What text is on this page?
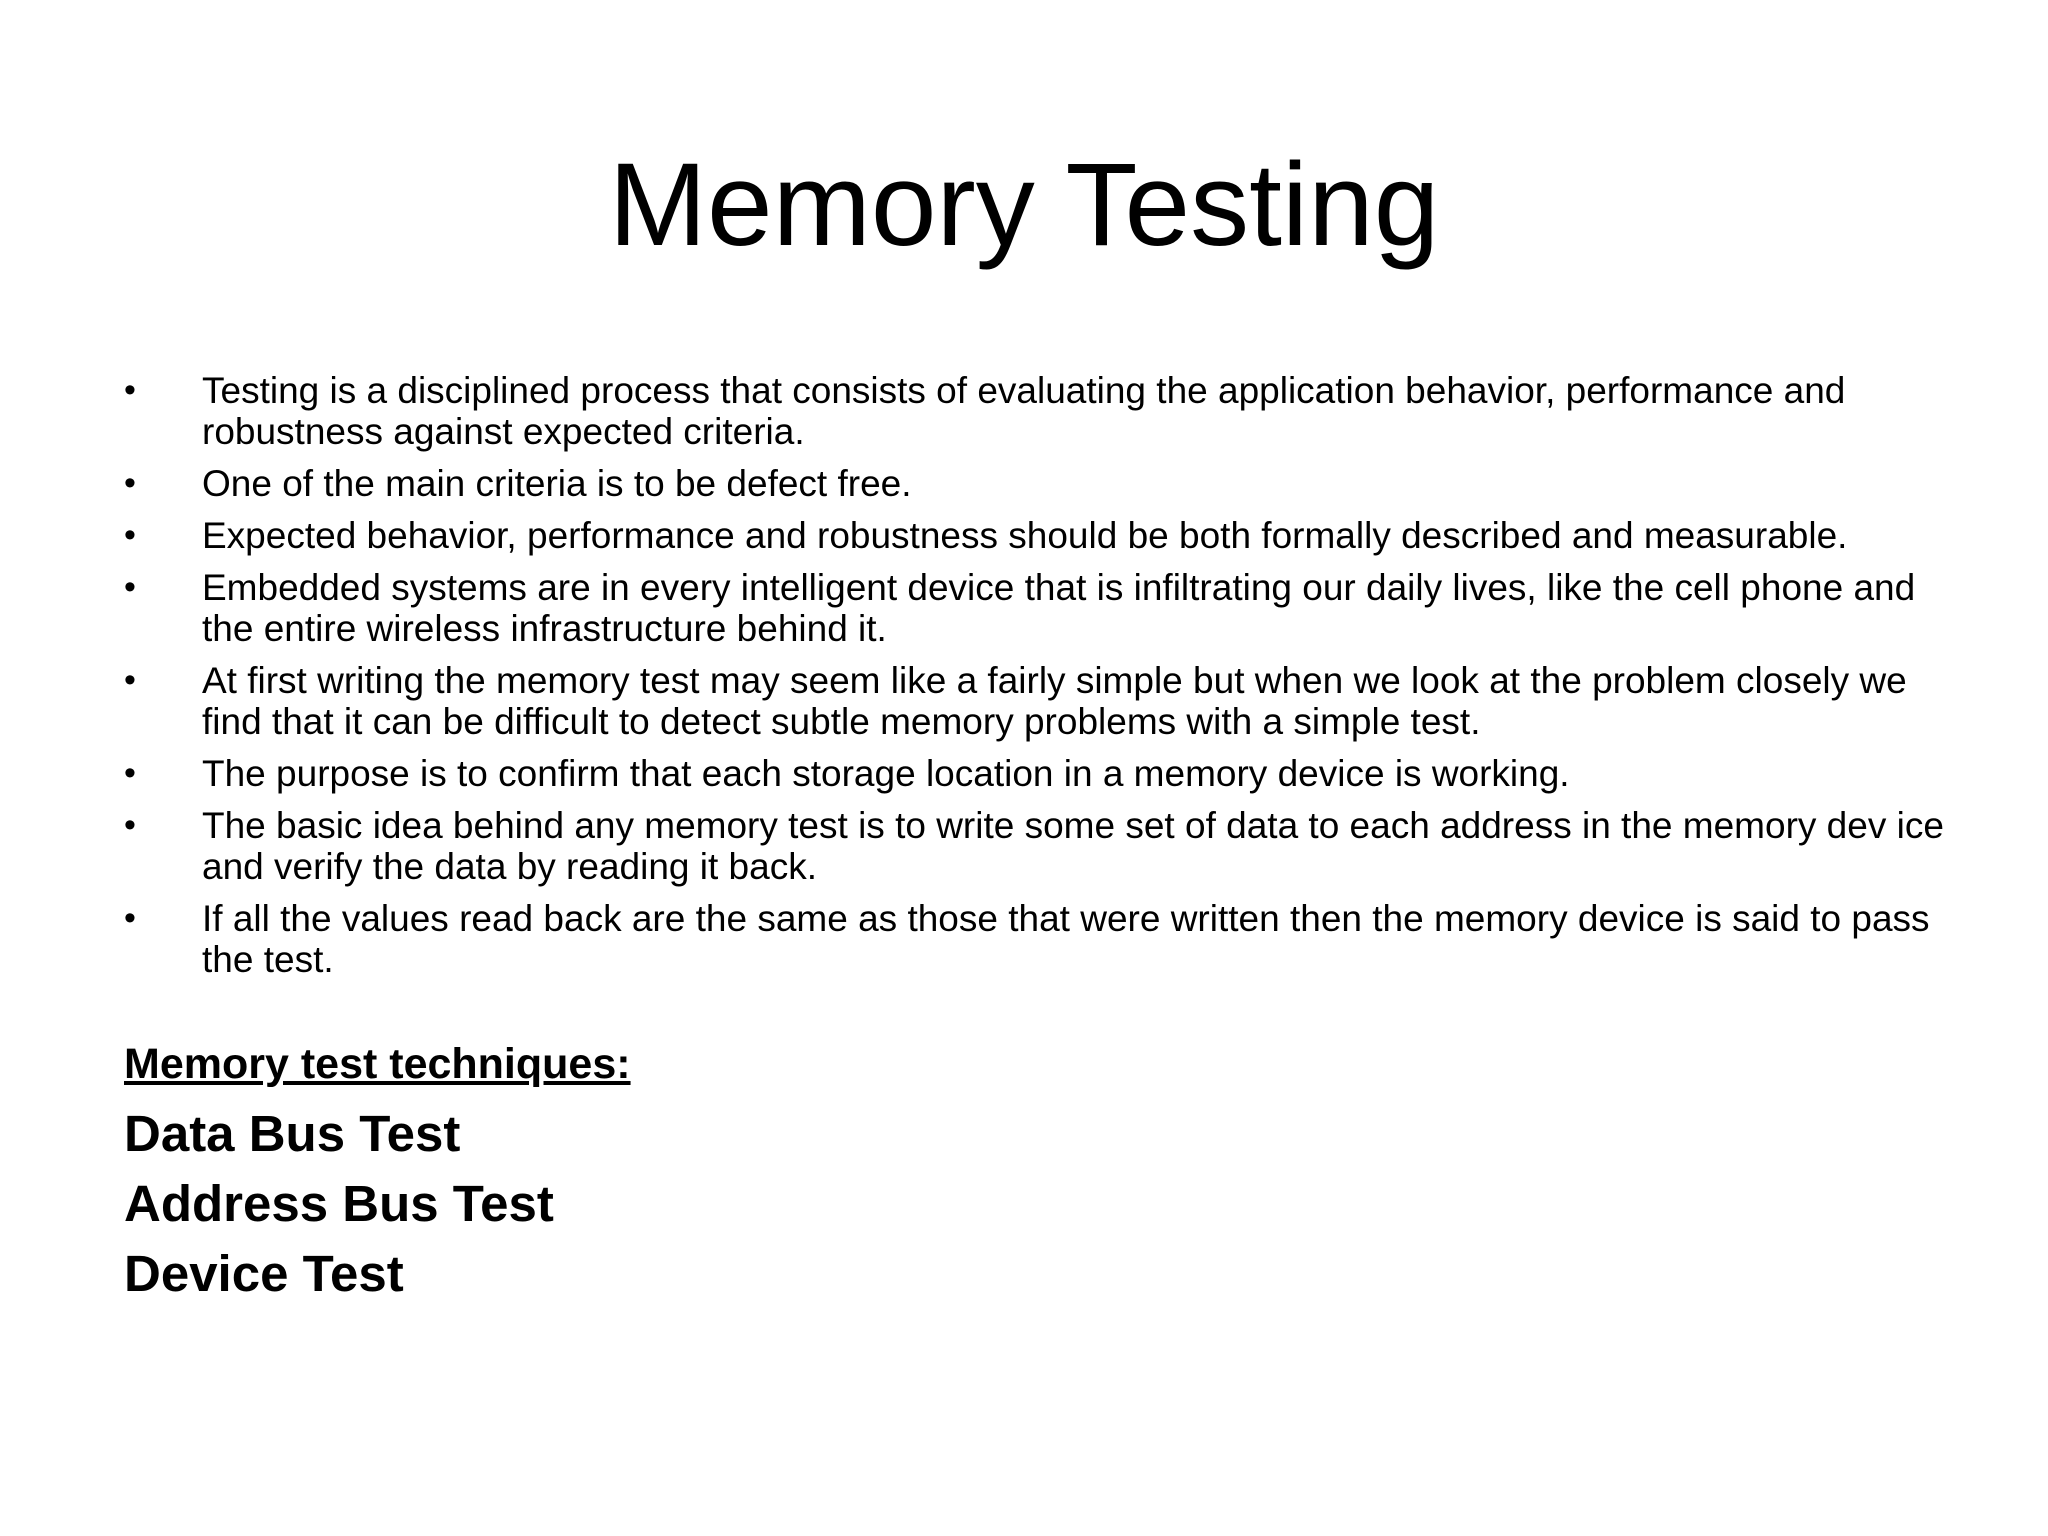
Memory Testing
• Testing is a disciplined process that consists of evaluating the application behavior, performance and robustness against expected criteria.
• One of the main criteria is to be defect free.
• Expected behavior, performance and robustness should be both formally described and measurable.
• Embedded systems are in every intelligent device that is infiltrating our daily lives, like the cell phone and the entire wireless infrastructure behind it.
• At first writing the memory test may seem like a fairly simple but when we look at the problem closely we find that it can be difficult to detect subtle memory problems with a simple test.
• The purpose is to confirm that each storage location in a memory device is working.
• The basic idea behind any memory test is to write some set of data to each address in the memory dev ice and verify the data by reading it back.
• If all the values read back are the same as those that were written then the memory device is said to pass the test.

Memory test techniques:

Data Bus Test

Address Bus Test

Device Test
